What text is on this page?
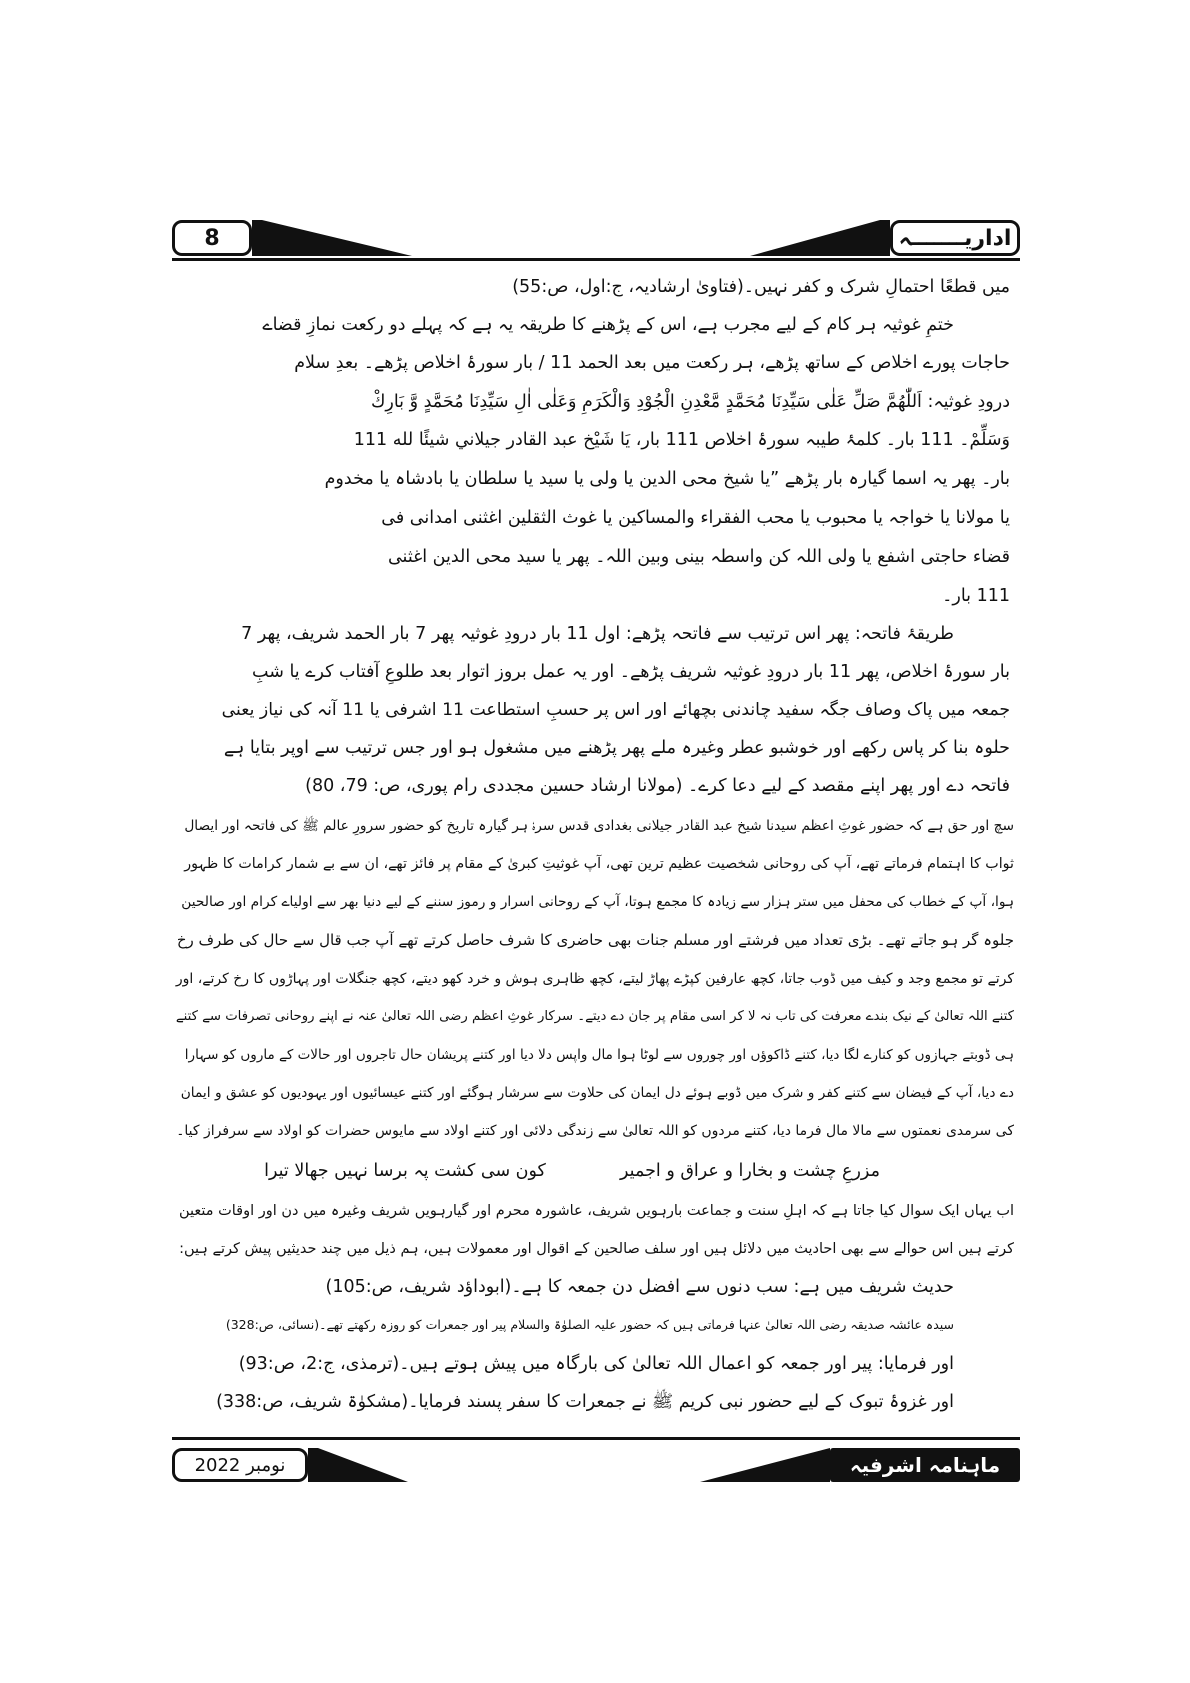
8	اداریـــــــہ
میں قطعًا احتمالِ شرک و کفر نہیں۔(فتاویٰ ارشادیہ، ج:اول، ص:55)
ختمِ غوثیہ ہر کام کے لیے مجرب ہے، اس کے پڑھنے کا طریقہ یہ ہے کہ پہلے دو رکعت نمازِ قضاے
حاجات پورے اخلاص کے ساتھ پڑھے، ہر رکعت میں بعد الحمد 11 / بار سورۂ اخلاص پڑھے۔ بعدِ سلام
درودِ غوثیہ: اَللّٰهُمَّ صَلِّ عَلٰى سَيِّدِنَا مُحَمَّدٍ مَّعْدِنِ الْجُوْدِ وَالْكَرَمِ وَعَلٰى اٰلِ سَيِّدِنَا مُحَمَّدٍ وَّ بَارِكْ
وَسَلِّمْ۔ 111 بار۔ کلمۂ طیبہ سورۂ اخلاص 111 بار، يَا شَيْخ عبد القادر جيلاني شيئًا لله 111
بار۔ پھر یہ اسما گیارہ بار پڑھے ”یا شیخ محی الدین یا ولی یا سید یا سلطان یا بادشاہ یا مخدوم
یا مولانا یا خواجہ یا محبوب یا محب الفقراء والمساکین یا غوث الثقلین اغثنی امدانی فی
قضاء حاجتی اشفع یا ولی اللہ کن واسطہ بینی وبین اللہ۔ پھر یا سید محی الدین اغثنی
111 بار۔
طریقۂ فاتحہ: پھر اس ترتیب سے فاتحہ پڑھے: اول 11 بار درودِ غوثیہ پھر 7 بار الحمد شریف، پھر 7
بار سورۂ اخلاص، پھر 11 بار درودِ غوثیہ شریف پڑھے۔ اور یہ عمل بروز اتوار بعد طلوعِ آفتاب کرے یا شبِ
جمعہ میں پاک وصاف جگہ سفید چاندنی بچھائے اور اس پر حسبِ استطاعت 11 اشرفی یا 11 آنہ کی نیاز یعنی
حلوہ بنا کر پاس رکھے اور خوشبو عطر وغیرہ ملے پھر پڑھنے میں مشغول ہو اور جس ترتیب سے اوپر بتایا ہے
فاتحہ دے اور پھر اپنے مقصد کے لیے دعا کرے۔ (مولانا ارشاد حسین مجددی رام پوری، ص: 79، 80)
سچ اور حق ہے کہ حضور غوثِ اعظم سیدنا شیخ عبد القادر جیلانی بغدادی قدس سرہٗ ہر گیارہ تاریخ کو حضور سرورِ عالم ﷺ کی فاتحہ اور ایصال
ثواب کا اہتمام فرماتے تھے، آپ کی روحانی شخصیت عظیم ترین تھی، آپ غوثیتِ کبریٰ کے مقام پر فائز تھے، ان سے بے شمار کرامات کا ظہور
ہوا، آپ کے خطاب کی محفل میں ستر ہزار سے زیادہ کا مجمع ہوتا، آپ کے روحانی اسرار و رموز سننے کے لیے دنیا بھر سے اولیاے کرام اور صالحین
جلوہ گر ہو جاتے تھے۔ بڑی تعداد میں فرشتے اور مسلم جنات بھی حاضری کا شرف حاصل کرتے تھے آپ جب قال سے حال کی طرف رخ
کرتے تو مجمع وجد و کیف میں ڈوب جاتا، کچھ عارفین کپڑے پھاڑ لیتے، کچھ ظاہری ہوش و خرد کھو دیتے، کچھ جنگلات اور پہاڑوں کا رخ کرتے، اور
کتنے اللہ تعالیٰ کے نیک بندے معرفت کی تاب نہ لا کر اسی مقام پر جان دے دیتے۔ سرکار غوثِ اعظم رضی اللہ تعالیٰ عنہ نے اپنے روحانی تصرفات سے کتنے
ہی ڈوبتے جہازوں کو کنارے لگا دیا، کتنے ڈاکوؤں اور چوروں سے لوٹا ہوا مال واپس دلا دیا اور کتنے پریشان حال تاجروں اور حالات کے ماروں کو سہارا
دے دیا، آپ کے فیضان سے کتنے کفر و شرک میں ڈوبے ہوئے دل ایمان کی حلاوت سے سرشار ہوگئے اور کتنے عیسائیوں اور یہودیوں کو عشق و ایمان
کی سرمدی نعمتوں سے مالا مال فرما دیا، کتنے مردوں کو اللہ تعالیٰ سے زندگی دلائی اور کتنے اولاد سے مایوس حضرات کو اولاد سے سرفراز کیا۔
مزرعِ چشت و بخارا و عراق و اجمیر
کون سی کشت پہ برسا نہیں جھالا تیرا
اب یہاں ایک سوال کیا جاتا ہے کہ اہلِ سنت و جماعت بارہویں شریف، عاشورہ محرم اور گیارہویں شریف وغیرہ میں دن اور اوقات متعین
کرتے ہیں اس حوالے سے بھی احادیث میں دلائل ہیں اور سلف صالحین کے اقوال اور معمولات ہیں، ہم ذیل میں چند حدیثیں پیش کرتے ہیں:
حدیث شریف میں ہے: سب دنوں سے افضل دن جمعہ کا ہے۔(ابوداؤد شریف، ص:105)
سیدہ عائشہ صدیقہ رضی اللہ تعالیٰ عنہا فرماتی ہیں کہ حضور علیہ الصلوٰۃ والسلام پیر اور جمعرات کو روزہ رکھتے تھے۔(نسائی، ص:328)
اور فرمایا: پیر اور جمعہ کو اعمال اللہ تعالیٰ کی بارگاہ میں پیش ہوتے ہیں۔(ترمذی، ج:2، ص:93)
اور غزوۂ تبوک کے لیے حضور نبی کریم ﷺ نے جمعرات کا سفر پسند فرمایا۔(مشکوٰۃ شریف، ص:338)
نومبر 2022	ماہنامہ اشرفیہ
